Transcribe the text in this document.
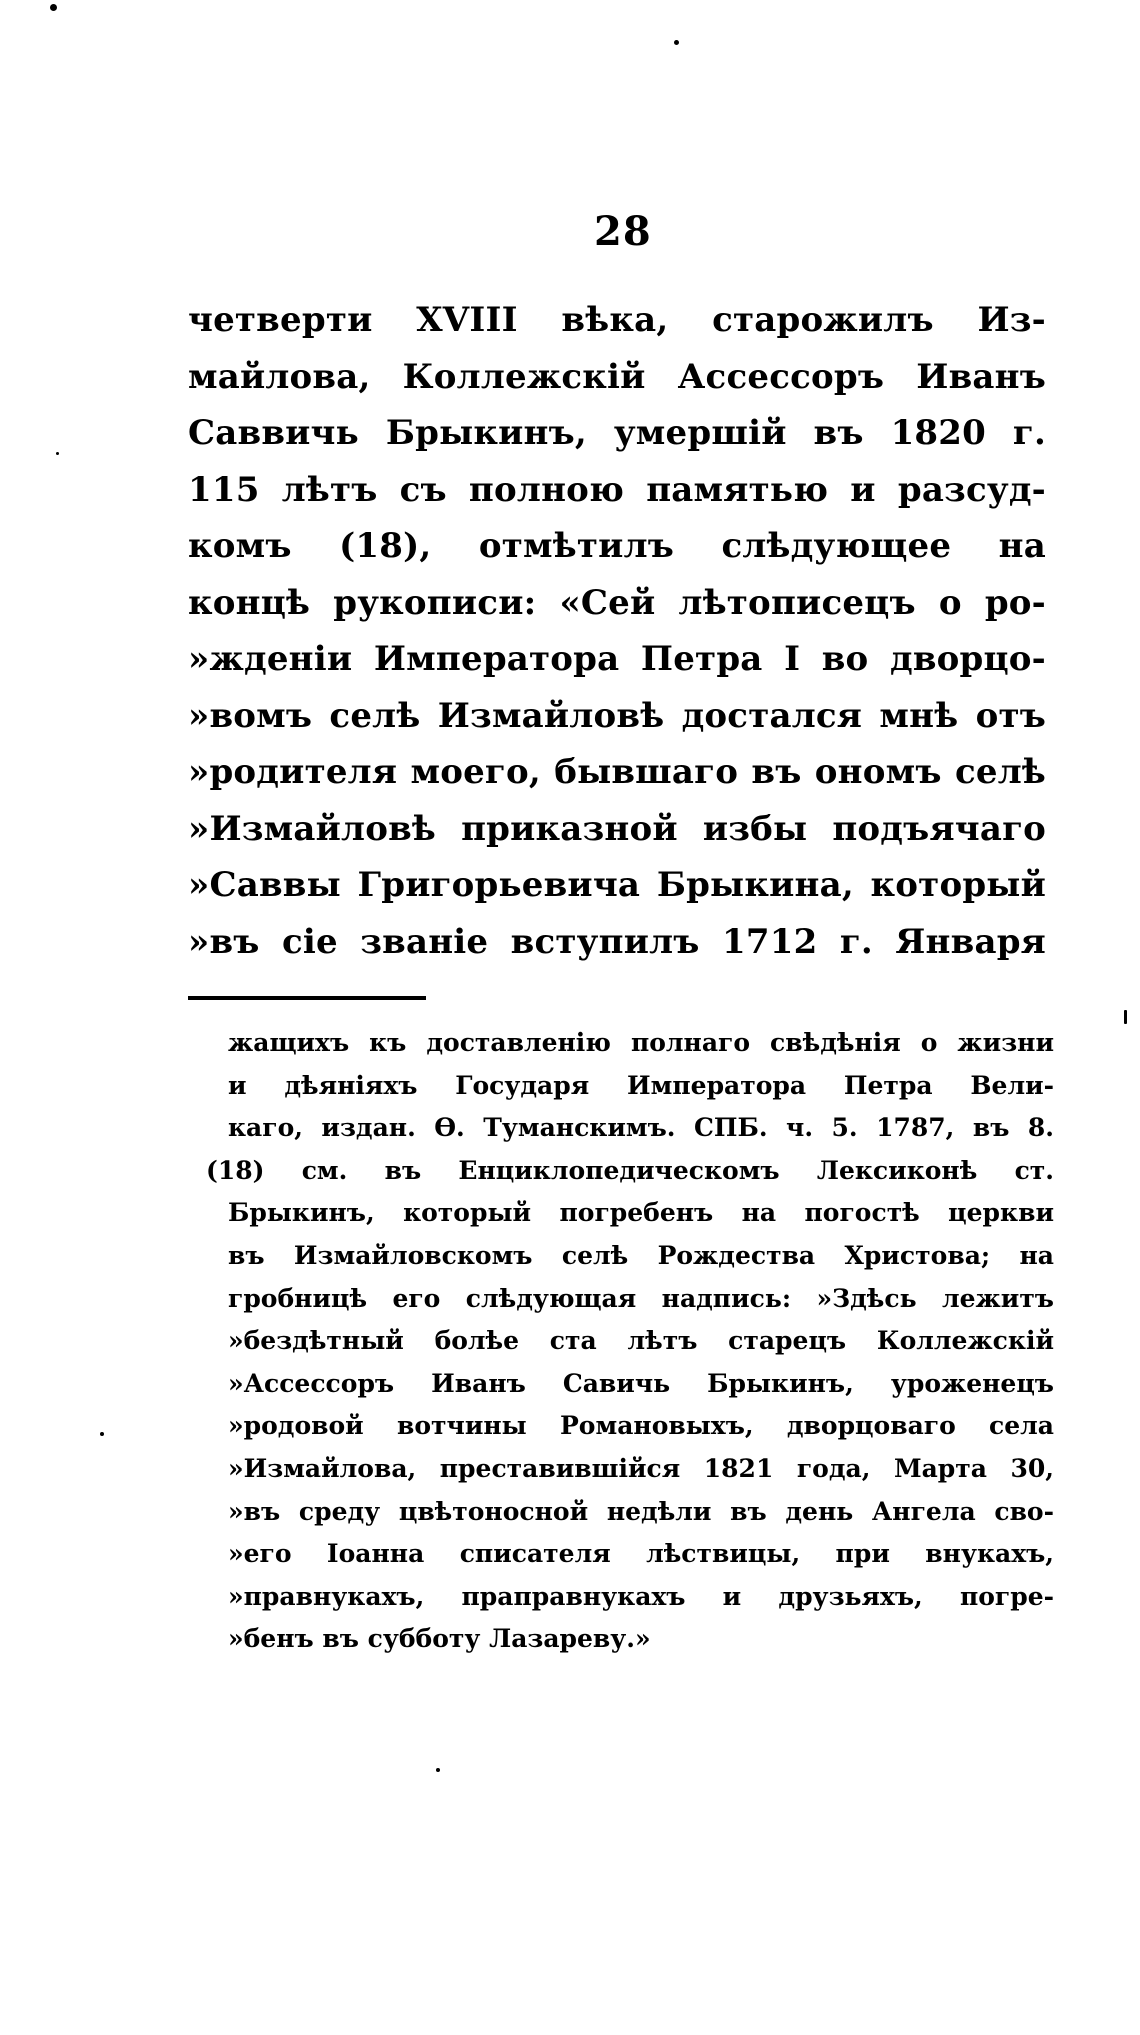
28
четверти XVIII вѣка, старожилъ Из-
майлова, Коллежскій Ассессоръ Иванъ
Саввичь Брыкинъ, умершій въ 1820 г.
115 лѣтъ съ полною памятью и разсуд-
комъ (18), отмѣтилъ слѣдующее на
концѣ рукописи: «Сей лѣтописецъ о ро-
»жденіи Императора Петра I во дворцо-
»вомъ селѣ Измайловѣ достался мнѣ отъ
»родителя моего, бывшаго въ ономъ селѣ
»Измайловѣ приказной избы подъячаго
»Саввы Григорьевича Брыкина, который
»въ сіе званіе вступилъ 1712 г. Января
жащихъ къ доставленію полнаго свѣдѣнія о жизни
и дѣяніяхъ Государя Императора Петра Вели-
каго, издан. Ѳ. Туманскимъ. СПБ. ч. 5. 1787, въ 8.
(18) см. въ Енциклопедическомъ Лексиконѣ ст.
Брыкинъ, который погребенъ на погостѣ церкви
въ Измайловскомъ селѣ Рождества Христова; на
гробницѣ его слѣдующая надпись: »Здѣсь лежитъ
»бездѣтный болѣе ста лѣтъ старецъ Коллежскій
»Ассессоръ Иванъ Савичь Брыкинъ, уроженецъ
»родовой вотчины Романовыхъ, дворцоваго села
»Измайлова, преставившійся 1821 года, Марта 30,
»въ среду цвѣтоносной недѣли въ день Ангела сво-
»его Іоанна списателя лѣствицы, при внукахъ,
»правнукахъ, праправнукахъ и друзьяхъ, погре-
»бенъ въ субботу Лазареву.»
